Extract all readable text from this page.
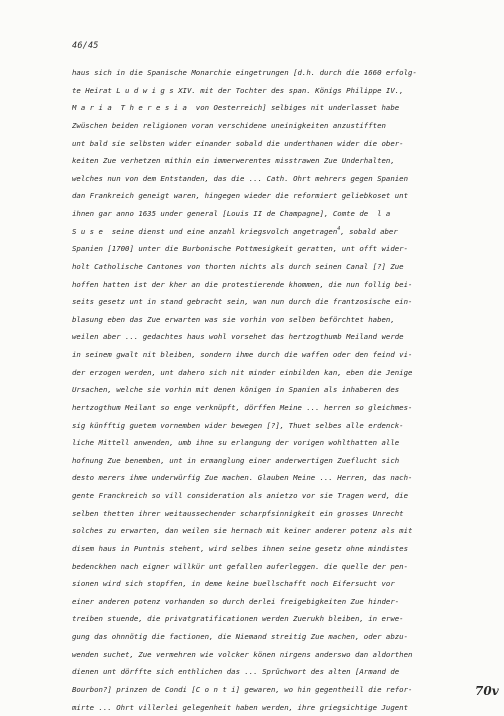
46/45
haus sich in die Spanische Monarchie eingetrungen [d.h. durch die 1660 erfolg-
te Heirat L u d w i g s XIV. mit der Tochter des span. Königs Philippe IV.,
M a r i a  T h e r e s i a  von Oesterreich] selbiges nit underlasset habe
Zwüschen beiden religionen voran verschidene uneinigkeiten anzustifften
unt bald sie selbsten wider einander sobald die underthanen wider die ober-
keiten Zue verhetzen mithin ein immerwerentes misstrawen Zue Underhalten,
welches nun von dem Entstanden, das die ... Cath. Ohrt mehrers gegen Spanien
dan Frankreich geneigt waren, hingegen wieder die reformiert geliebkoset unt
ihnen gar anno 1635 under general [Louis II de Champagne], Comte de  l a
S u s e  seine dienst und eine anzahl kriegsvolch angetragen$^4$, sobald aber
Spanien [1700] unter die Burbonische Pottmesigkeit geratten, unt offt wider-
holt Catholische Cantones von thorten nichts als durch seinen Canal [?] Zue
hoffen hatten ist der kher an die protestierende khommen, die nun follig bei-
seits gesetz unt in stand gebracht sein, wan nun durch die frantzosische ein-
blasung eben das Zue erwarten was sie vorhin von selben beförchtet haben,
weilen aber ... gedachtes haus wohl vorsehet das hertzogthumb Meiland werde
in seinem gwalt nit bleiben, sondern ihme durch die waffen oder den feind vi-
der erzogen werden, unt dahero sich nit minder einbilden kan, eben die Jenige
Ursachen, welche sie vorhin mit denen königen in Spanien als inhaberen des
hertzogthum Meilant so enge verknüpft, dörffen Meine ... herren so gleichmes-
sig künfftig guetem vornemben wider bewegen [?], Thuet selbes alle erdenck-
liche Mittell anwenden, umb ihne su erlangung der vorigen wohlthatten alle
hofnung Zue benemben, unt in ermanglung einer anderwertigen Zueflucht sich
desto merers ihme underwürfig Zue machen. Glauben Meine ... Herren, das nach-
gente Franckreich so vill consideration als anietzo vor sie Tragen werd, die
selben thetten ihrer weitaussechender scharpfsinnigkeit ein grosses Unrecht
solches zu erwarten, dan weilen sie hernach mit keiner anderer potenz als mit
disem haus in Puntnis stehent, wird selbes ihnen seine gesetz ohne mindistes
bedenckhen nach eigner willkür unt gefallen auferleggen. die quelle der pen-
sionen wird sich stopffen, in deme keine buellschafft noch Eifersucht vor
einer anderen potenz vorhanden so durch derlei freigebigkeiten Zue hinder-
treiben stuende, die privatgratificationen werden Zuerukh bleiben, in erwe-
gung das ohnnötig die factionen, die Niemand streitig Zue machen, oder abzu-
wenden suchet, Zue vermehren wie volcker könen nirgens anderswo dan aldorthen
dienen unt dörffte sich enthlichen das ... Sprüchwort des alten [Armand de
Bourbon?] prinzen de Condi [C o n t i] gewaren, wo hin gegentheill die refor-
mirte ... Ohrt villerlei gelegenheit haben werden, ihre griegsichtige Jugent
70v
